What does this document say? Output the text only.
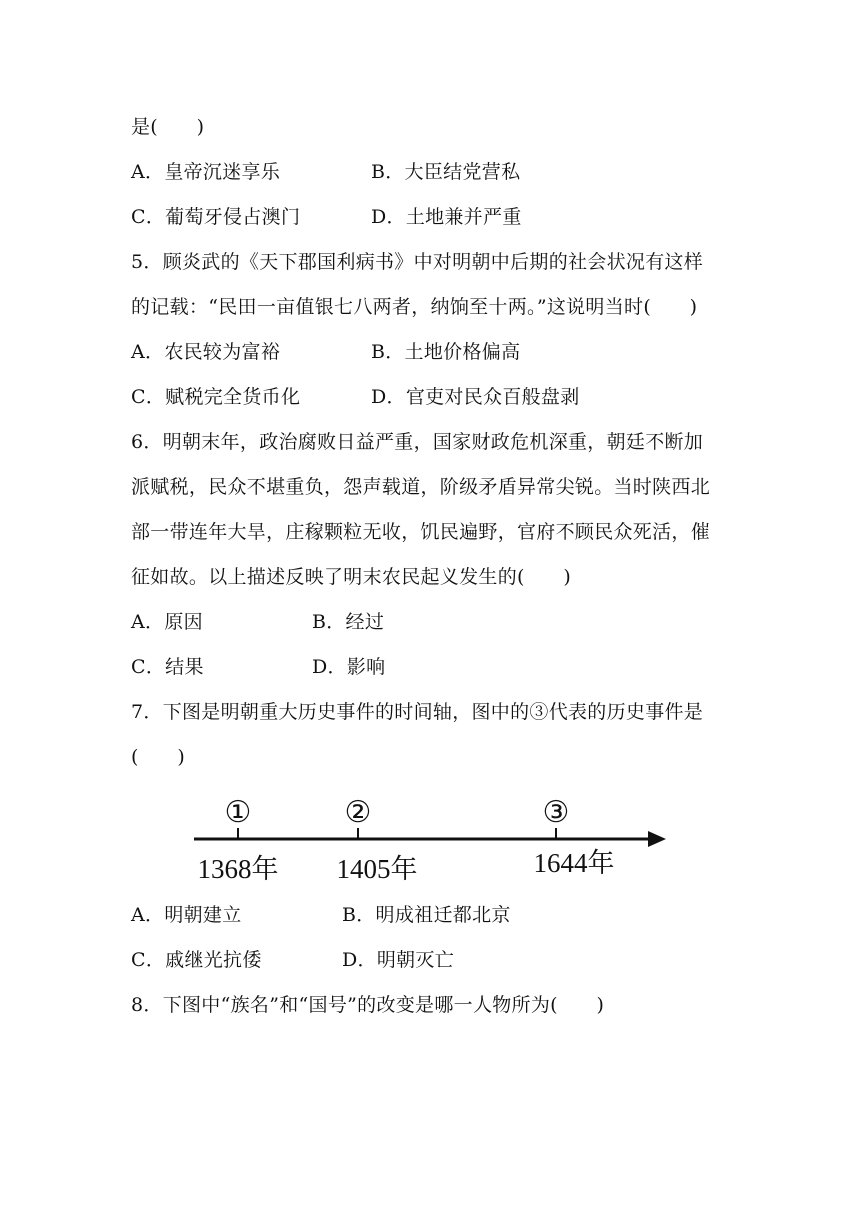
是(　　)
A．皇帝沉迷享乐	B．大臣结党营私
C．葡萄牙侵占澳门	D．土地兼并严重
5．顾炎武的《天下郡国利病书》中对明朝中后期的社会状况有这样
的记载：“民田一亩值银七八两者，纳饷至十两。”这说明当时(　　)
A．农民较为富裕	B．土地价格偏高
C．赋税完全货币化	D．官吏对民众百般盘剥
6．明朝末年，政治腐败日益严重，国家财政危机深重，朝廷不断加
派赋税，民众不堪重负，怨声载道，阶级矛盾异常尖锐。当时陕西北
部一带连年大旱，庄稼颗粒无收，饥民遍野，官府不顾民众死活，催
征如故。以上描述反映了明末农民起义发生的(　　)
A．原因	B．经过
C．结果	D．影响
7．下图是明朝重大历史事件的时间轴，图中的③代表的历史事件是
(　　)
①
1368年
②
1405年
③
1644年
A．明朝建立	B．明成祖迁都北京
C．戚继光抗倭	D．明朝灭亡
8．下图中“族名”和“国号”的改变是哪一人物所为(　　)
